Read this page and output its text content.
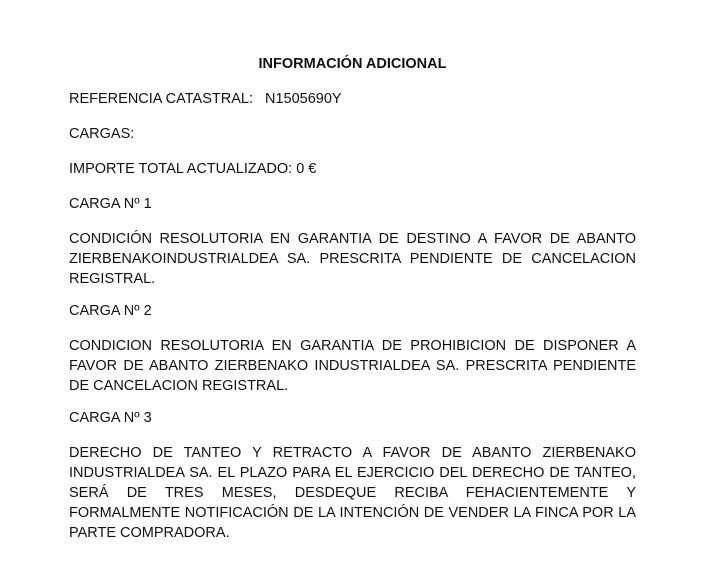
INFORMACIÓN ADICIONAL
REFERENCIA CATASTRAL: N1505690Y
CARGAS:
IMPORTE TOTAL ACTUALIZADO: 0 €
CARGA Nº 1
CONDICIÓN RESOLUTORIA EN GARANTIA DE DESTINO A FAVOR DE ABANTO ZIERBENAKOINDUSTRIALDEA SA. PRESCRITA PENDIENTE DE CANCELACION REGISTRAL.
CARGA Nº 2
CONDICION RESOLUTORIA EN GARANTIA DE PROHIBICION DE DISPONER A FAVOR DE ABANTO ZIERBENAKO INDUSTRIALDEA SA. PRESCRITA PENDIENTE DE CANCELACION REGISTRAL.
CARGA Nº 3
DERECHO DE TANTEO Y RETRACTO A FAVOR DE ABANTO ZIERBENAKO INDUSTRIALDEA SA. EL PLAZO PARA EL EJERCICIO DEL DERECHO DE TANTEO, SERÁ DE TRES MESES, DESDEQUE RECIBA FEHACIENTEMENTE Y FORMALMENTE NOTIFICACIÓN DE LA INTENCIÓN DE VENDER LA FINCA POR LA PARTE COMPRADORA.
